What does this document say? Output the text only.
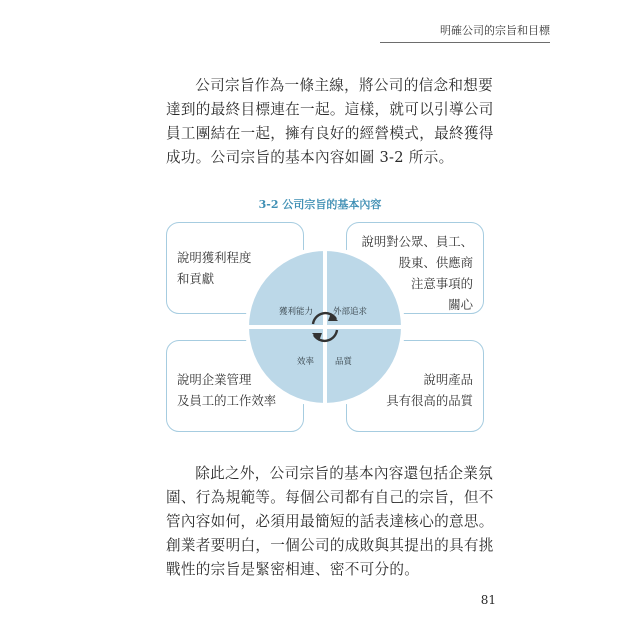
明確公司的宗旨和目標

公司宗旨作為一條主線，將公司的信念和想要達到的最終目標連在一起。這樣，就可以引導公司員工團結在一起，擁有良好的經營模式，最終獲得成功。公司宗旨的基本內容如圖 3-2 所示。

3-2 公司宗旨的基本內容
說明獲利程度
和貢獻
說明對公眾、員工、
股東、供應商
注意事項的
關心
說明企業管理
及員工的工作效率
說明產品
具有很高的品質
獲利能力 外部追求
效率 品質

除此之外，公司宗旨的基本內容還包括企業氛圍、行為規範等。每個公司都有自己的宗旨，但不管內容如何，必須用最簡短的話表達核心的意思。創業者要明白，一個公司的成敗與其提出的具有挑戰性的宗旨是緊密相連、密不可分的。

81
